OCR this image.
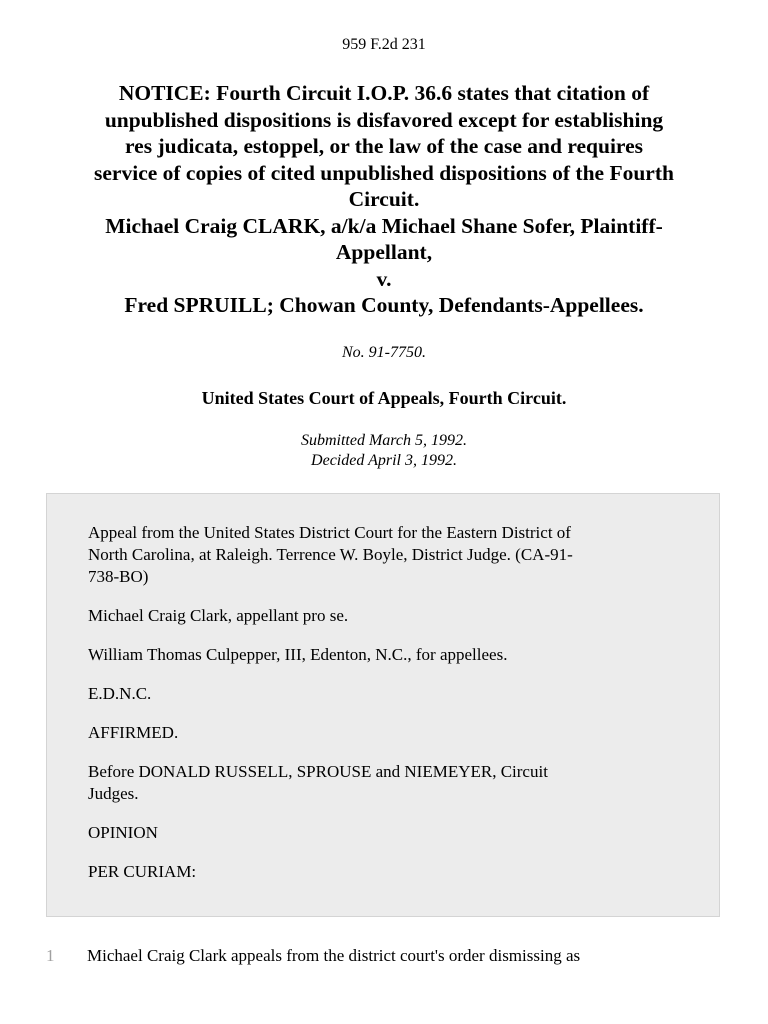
959 F.2d 231
NOTICE: Fourth Circuit I.O.P. 36.6 states that citation of
unpublished dispositions is disfavored except for establishing
res judicata, estoppel, or the law of the case and requires
service of copies of cited unpublished dispositions of the Fourth
Circuit.
Michael Craig CLARK, a/k/a Michael Shane Sofer, Plaintiff-
Appellant,
v.
Fred SPRUILL; Chowan County, Defendants-Appellees.
No. 91-7750.
United States Court of Appeals, Fourth Circuit.
Submitted March 5, 1992.
Decided April 3, 1992.

Appeal from the United States District Court for the Eastern District of
North Carolina, at Raleigh. Terrence W. Boyle, District Judge. (CA-91-
738-BO)

Michael Craig Clark, appellant pro se.

William Thomas Culpepper, III, Edenton, N.C., for appellees.

E.D.N.C.

AFFIRMED.

Before DONALD RUSSELL, SPROUSE and NIEMEYER, Circuit
Judges.

OPINION

PER CURIAM:

1 Michael Craig Clark appeals from the district court's order dismissing as
